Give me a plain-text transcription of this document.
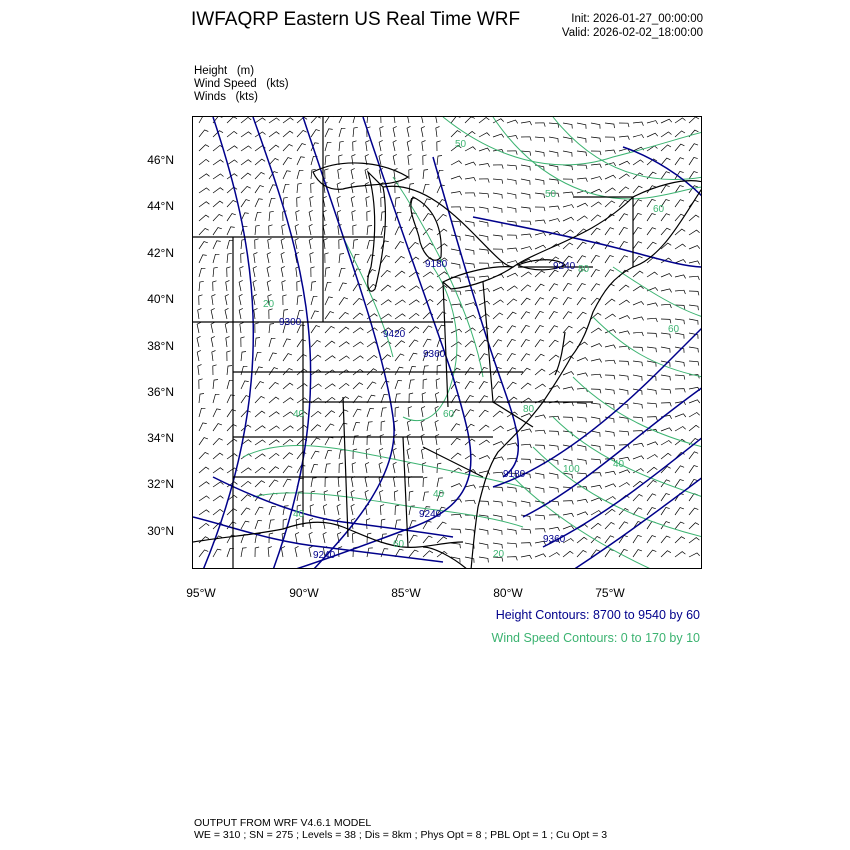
IWFAQRP Eastern US Real Time WRF	Init: 2026-01-27_00:00:00
Valid: 2026-02-02_18:00:00
Height (m)
Wind Speed (kts)
Winds (kts)
9180
9300
9420
9360
9240
9180
9240
9360
9240
50
50
60
80
60
20
40	60	80
100
40
40
40
60
20
46°N
44°N
42°N
40°N
38°N
36°N
34°N
32°N
30°N
95°W	90°W	85°W	80°W	75°W
Height Contours: 8700 to 9540 by 60
Wind Speed Contours: 0 to 170 by 10
OUTPUT FROM WRF V4.6.1 MODEL
WE = 310 ; SN = 275 ; Levels = 38 ; Dis = 8km ; Phys Opt = 8 ; PBL Opt = 1 ; Cu Opt = 3
